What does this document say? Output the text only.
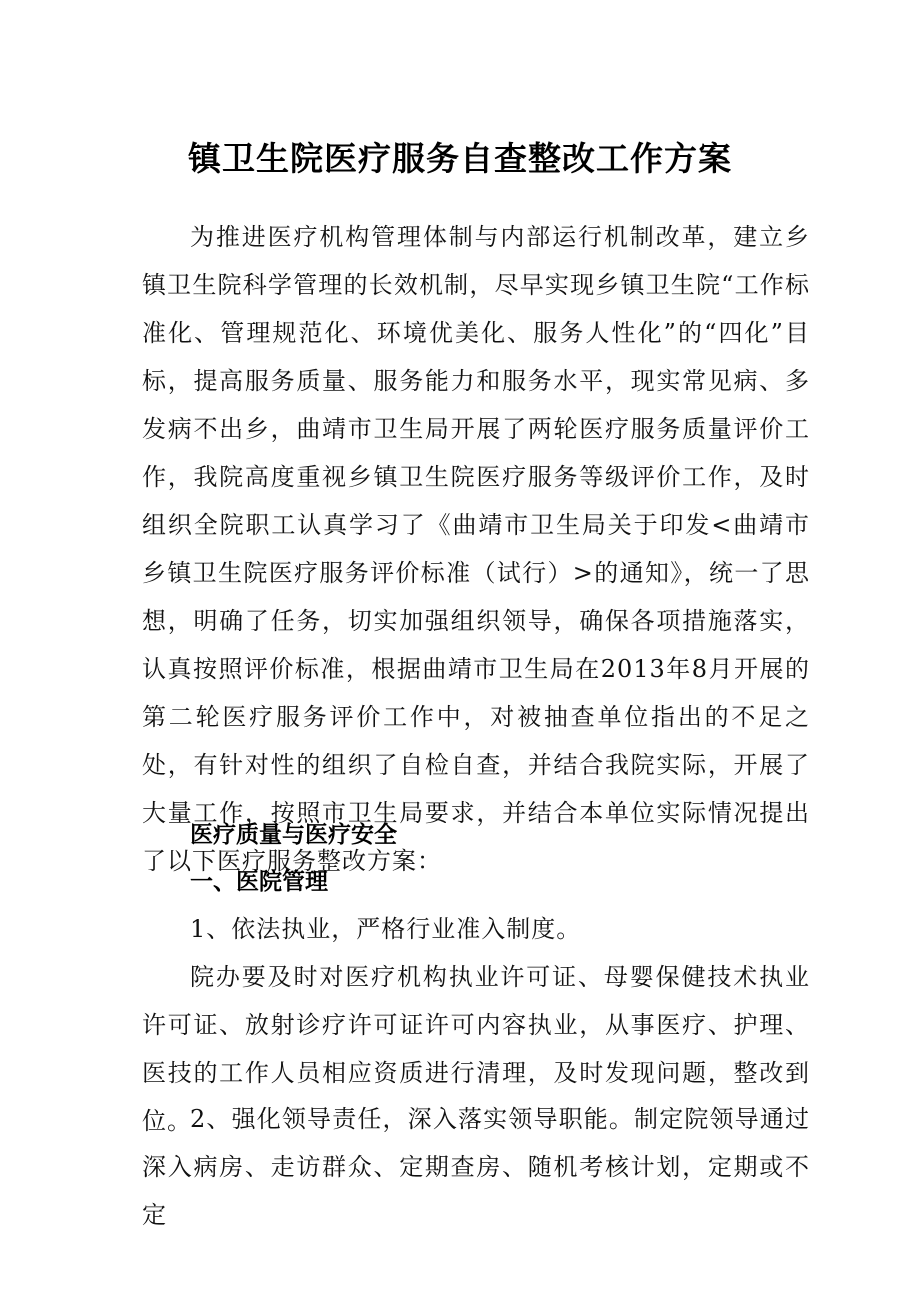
镇卫生院医疗服务自查整改工作方案

为推进医疗机构管理体制与内部运行机制改革，建立乡镇卫生院科学管理的长效机制，尽早实现乡镇卫生院“工作标准化、管理规范化、环境优美化、服务人性化”的“四化”目标，提高服务质量、服务能力和服务水平，现实常见病、多发病不出乡，曲靖市卫生局开展了两轮医疗服务质量评价工作，我院高度重视乡镇卫生院医疗服务等级评价工作，及时组织全院职工认真学习了《曲靖市卫生局关于印发<曲靖市乡镇卫生院医疗服务评价标准（试行）>的通知》，统一了思想，明确了任务，切实加强组织领导，确保各项措施落实，认真按照评价标准，根据曲靖市卫生局在2013年8月开展的第二轮医疗服务评价工作中，对被抽查单位指出的不足之处，有针对性的组织了自检自查，并结合我院实际，开展了大量工作，按照市卫生局要求，并结合本单位实际情况提出了以下医疗服务整改方案：

医疗质量与医疗安全

一、医院管理

1、依法执业，严格行业准入制度。

院办要及时对医疗机构执业许可证、母婴保健技术执业许可证、放射诊疗许可证许可内容执业，从事医疗、护理、医技的工作人员相应资质进行清理，及时发现问题，整改到位。

2、强化领导责任，深入落实领导职能。制定院领导通过深入病房、走访群众、定期查房、随机考核计划，定期或不定
